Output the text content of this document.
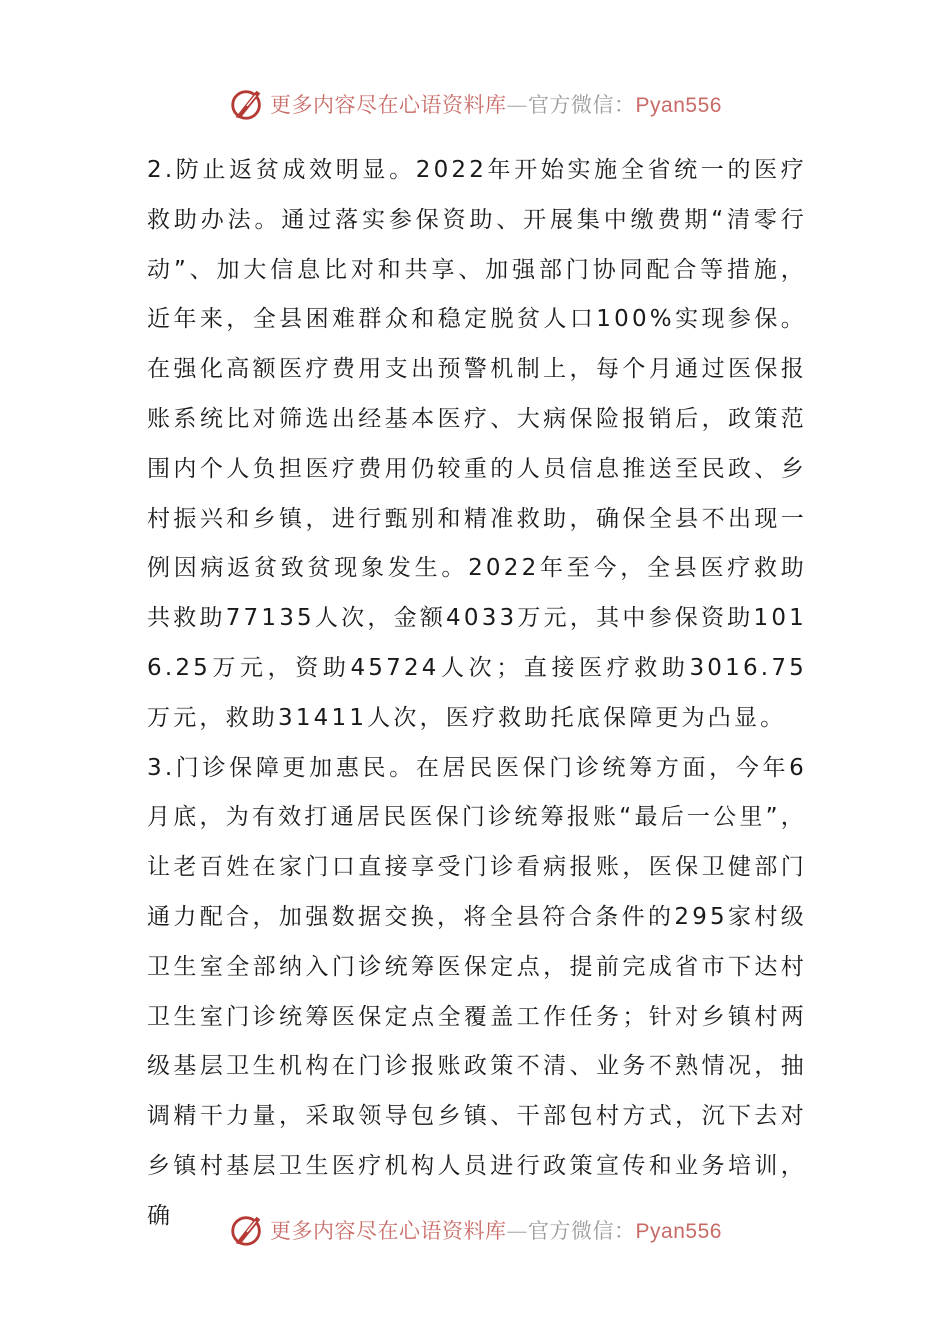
更多内容尽在心语资料库—官方微信：Pyan556

2.防止返贫成效明显。2022年开始实施全省统一的医疗救助办法。通过落实参保资助、开展集中缴费期“清零行动”、加大信息比对和共享、加强部门协同配合等措施，近年来，全县困难群众和稳定脱贫人口100%实现参保。在强化高额医疗费用支出预警机制上，每个月通过医保报账系统比对筛选出经基本医疗、大病保险报销后，政策范围内个人负担医疗费用仍较重的人员信息推送至民政、乡村振兴和乡镇，进行甄别和精准救助，确保全县不出现一例因病返贫致贫现象发生。2022年至今，全县医疗救助共救助77135人次，金额4033万元，其中参保资助1016.25万元，资助45724人次；直接医疗救助3016.75万元，救助31411人次，医疗救助托底保障更为凸显。

3.门诊保障更加惠民。在居民医保门诊统筹方面，今年6月底，为有效打通居民医保门诊统筹报账“最后一公里”，让老百姓在家门口直接享受门诊看病报账，医保卫健部门通力配合，加强数据交换，将全县符合条件的295家村级卫生室全部纳入门诊统筹医保定点，提前完成省市下达村卫生室门诊统筹医保定点全覆盖工作任务；针对乡镇村两级基层卫生机构在门诊报账政策不清、业务不熟情况，抽调精干力量，采取领导包乡镇、干部包村方式，沉下去对乡镇村基层卫生医疗机构人员进行政策宣传和业务培训，确

更多内容尽在心语资料库—官方微信：Pyan556
